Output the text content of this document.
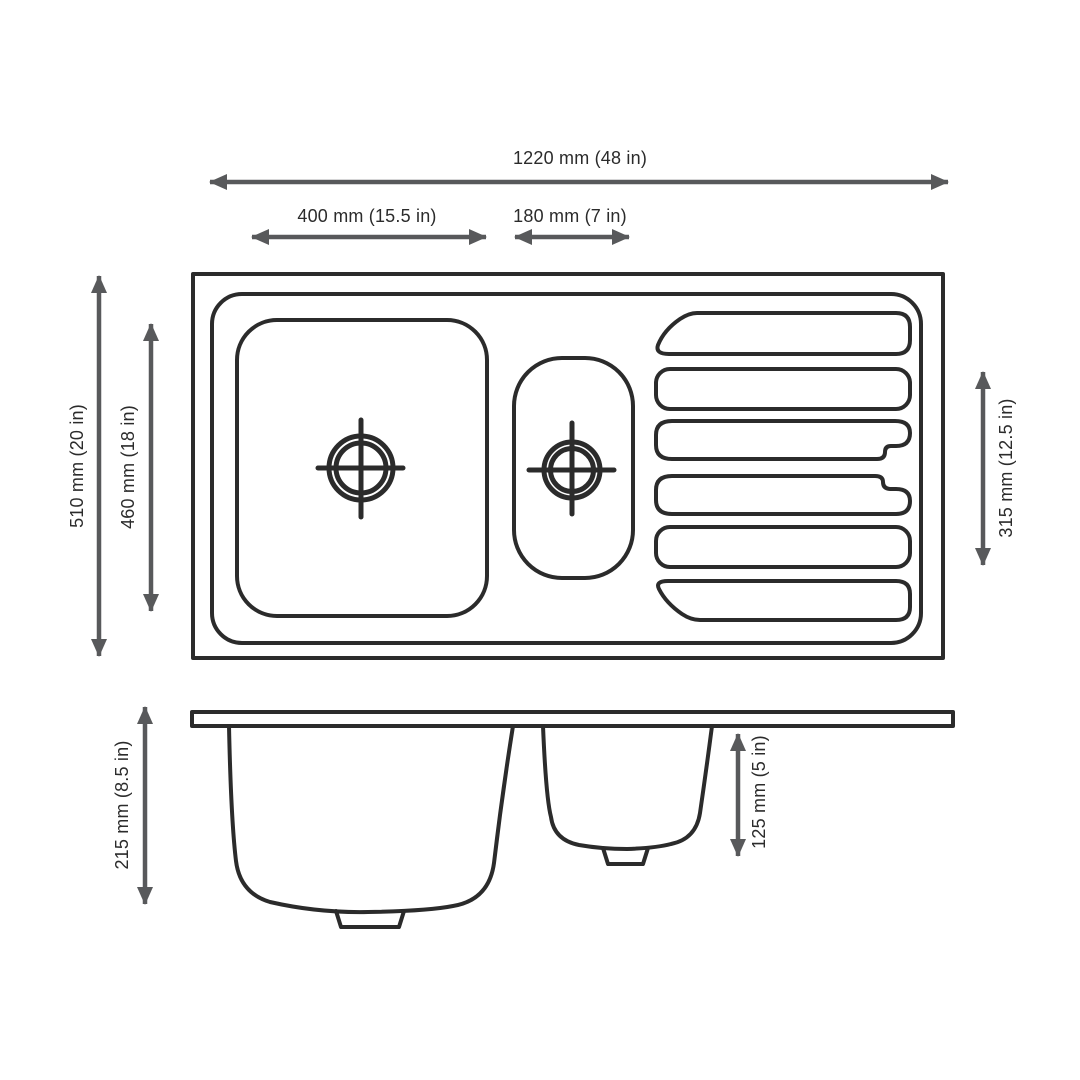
1220 mm (48 in)
400 mm (15.5 in)	180 mm (7 in)
510 mm (20 in) 460 mm (18 in)	315 mm (12.5 in)
215 mm (8.5 in)	125 mm (5 in)
